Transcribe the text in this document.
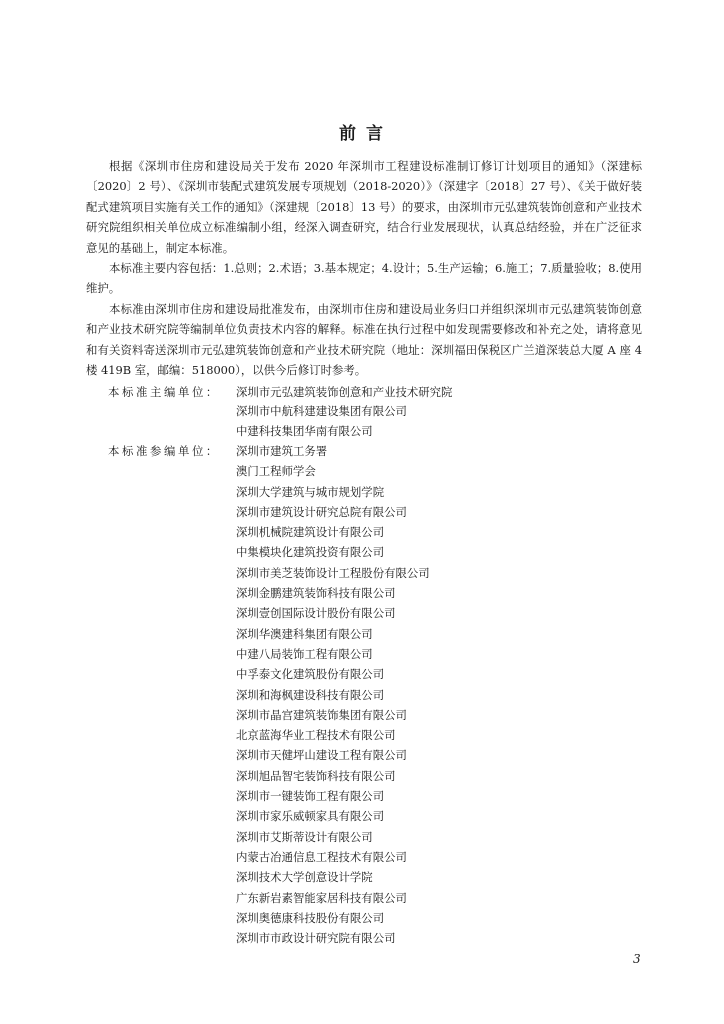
前 言

根据《深圳市住房和建设局关于发布 2020 年深圳市工程建设标准制订修订计划项目的通知》（深建标〔2020〕2 号）、《深圳市装配式建筑发展专项规划（2018-2020）》（深建字〔2018〕27 号）、《关于做好装配式建筑项目实施有关工作的通知》（深建规〔2018〕13 号）的要求，由深圳市元弘建筑装饰创意和产业技术研究院组织相关单位成立标准编制小组，经深入调查研究，结合行业发展现状，认真总结经验，并在广泛征求意见的基础上，制定本标准。

本标准主要内容包括：1.总则；2.术语；3.基本规定；4.设计；5.生产运输；6.施工；7.质量验收；8.使用维护。

本标准由深圳市住房和建设局批准发布，由深圳市住房和建设局业务归口并组织深圳市元弘建筑装饰创意和产业技术研究院等编制单位负责技术内容的解释。标准在执行过程中如发现需要修改和补充之处，请将意见和有关资料寄送深圳市元弘建筑装饰创意和产业技术研究院（地址：深圳福田保税区广兰道深装总大厦 A 座 4 楼 419B 室，邮编：518000），以供今后修订时参考。

本标准主编单位：	深圳市元弘建筑装饰创意和产业技术研究院
深圳市中航科建建设集团有限公司
中建科技集团华南有限公司
本标准参编单位：	深圳市建筑工务署
澳门工程师学会
深圳大学建筑与城市规划学院
深圳市建筑设计研究总院有限公司
深圳机械院建筑设计有限公司
中集模块化建筑投资有限公司
深圳市美芝装饰设计工程股份有限公司
深圳金鹏建筑装饰科技有限公司
深圳壹创国际设计股份有限公司
深圳华澳建科集团有限公司
中建八局装饰工程有限公司
中孚泰文化建筑股份有限公司
深圳和海枫建设科技有限公司
深圳市晶宫建筑装饰集团有限公司
北京蓝海华业工程技术有限公司
深圳市天健坪山建设工程有限公司
深圳旭品智宅装饰科技有限公司
深圳市一键装饰工程有限公司
深圳市家乐威顿家具有限公司
深圳市艾斯蒂设计有限公司
内蒙古冶通信息工程技术有限公司
深圳技术大学创意设计学院
广东新岩素智能家居科技有限公司
深圳奥德康科技股份有限公司
深圳市市政设计研究院有限公司
3
